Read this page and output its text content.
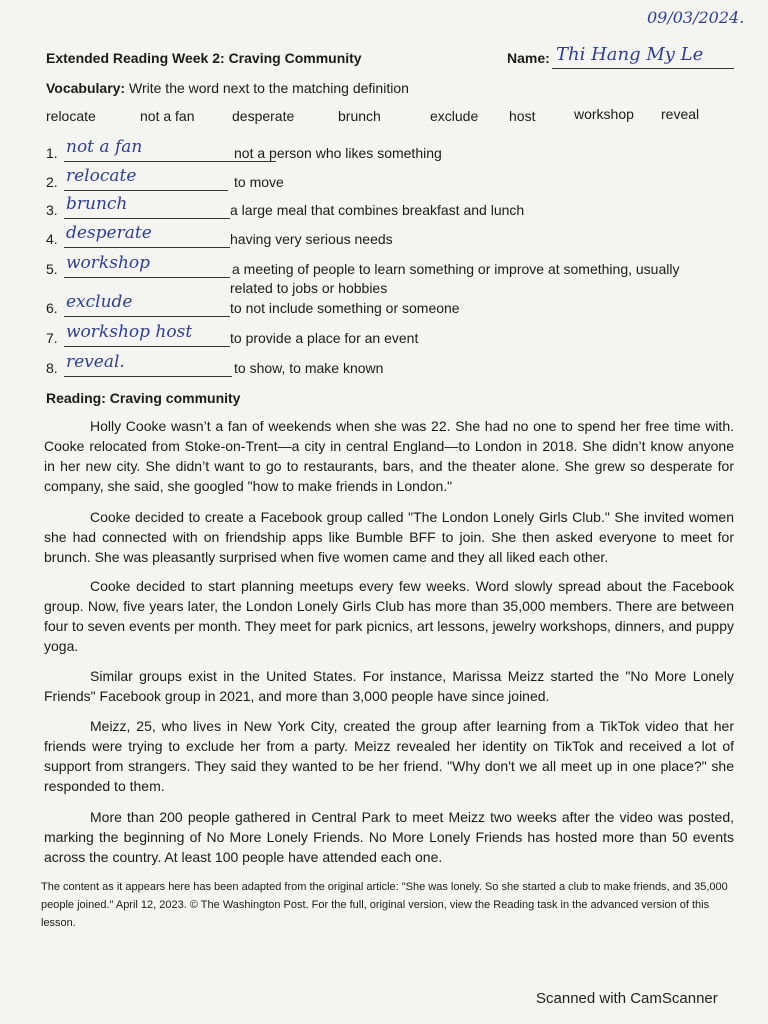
09/03/2024.
Extended Reading Week 2: Craving Community	Name: Thi Hang My Le
Vocabulary: Write the word next to the matching definition
relocate	not a fan	desperate	brunch	exclude host	workshop reveal
1. not a fan	not a person who likes something
2. relocate	to move
3. brunch	a large meal that combines breakfast and lunch
4. desperate	having very serious needs
5. workshop	a meeting of people to learn something or improve at something, usually
related to jobs or hobbies
6. exclude	to not include something or someone
7. workshop host	to provide a place for an event
8. reveal.	to show, to make known
Reading: Craving community

Holly Cooke wasn’t a fan of weekends when she was 22. She had no one to spend her free time with. Cooke relocated from Stoke-on-Trent—a city in central England—to London in 2018. She didn’t know anyone in her new city. She didn’t want to go to restaurants, bars, and the theater alone. She grew so desperate for company, she said, she googled "how to make friends in London."

Cooke decided to create a Facebook group called "The London Lonely Girls Club." She invited women she had connected with on friendship apps like Bumble BFF to join. She then asked everyone to meet for brunch. She was pleasantly surprised when five women came and they all liked each other.

Cooke decided to start planning meetups every few weeks. Word slowly spread about the Facebook group. Now, five years later, the London Lonely Girls Club has more than 35,000 members. There are between four to seven events per month. They meet for park picnics, art lessons, jewelry workshops, dinners, and puppy yoga.

Similar groups exist in the United States. For instance, Marissa Meizz started the "No More Lonely Friends" Facebook group in 2021, and more than 3,000 people have since joined.

Meizz, 25, who lives in New York City, created the group after learning from a TikTok video that her friends were trying to exclude her from a party. Meizz revealed her identity on TikTok and received a lot of support from strangers. They said they wanted to be her friend. "Why don't we all meet up in one place?" she responded to them.

More than 200 people gathered in Central Park to meet Meizz two weeks after the video was posted, marking the beginning of No More Lonely Friends. No More Lonely Friends has hosted more than 50 events across the country. At least 100 people have attended each one.

The content as it appears here has been adapted from the original article: "She was lonely. So she started a club to make friends, and 35,000 people joined." April 12, 2023. © The Washington Post. For the full, original version, view the Reading task in the advanced version of this lesson.
Scanned with CamScanner
